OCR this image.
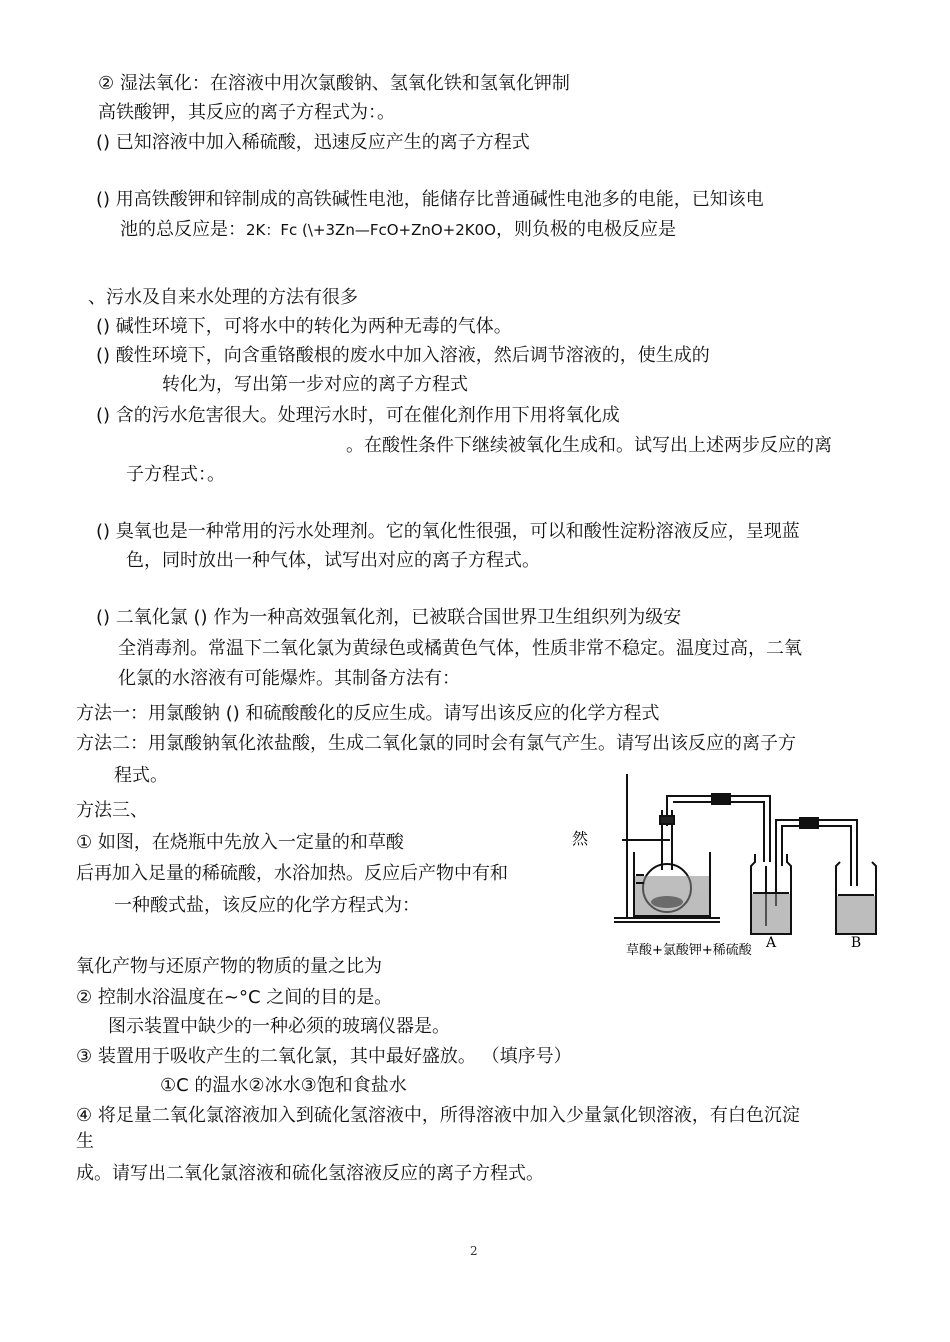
② 湿法氧化：在溶液中用次氯酸钠、氢氧化铁和氢氧化钾制
高铁酸钾，其反应的离子方程式为：。
() 已知溶液中加入稀硫酸，迅速反应产生的离子方程式
() 用高铁酸钾和锌制成的高铁碱性电池，能储存比普通碱性电池多的电能，已知该电
池的总反应是：2K：Fc (\+3Zn—FcO+ZnO+2K0O，则负极的电极反应是
、污水及自来水处理的方法有很多
() 碱性环境下，可将水中的转化为两种无毒的气体。
() 酸性环境下，向含重铬酸根的废水中加入溶液，然后调节溶液的，使生成的
转化为，写出第一步对应的离子方程式
() 含的污水危害很大。处理污水时，可在催化剂作用下用将氧化成
。在酸性条件下继续被氧化生成和。试写出上述两步反应的离
子方程式：。
() 臭氧也是一种常用的污水处理剂。它的氧化性很强，可以和酸性淀粉溶液反应，呈现蓝
色，同时放出一种气体，试写出对应的离子方程式。
() 二氧化氯 () 作为一种高效强氧化剂，已被联合国世界卫生组织列为级安
全消毒剂。常温下二氧化氯为黄绿色或橘黄色气体，性质非常不稳定。温度过高，二氧
化氯的水溶液有可能爆炸。其制备方法有：
方法一：用氯酸钠 () 和硫酸酸化的反应生成。请写出该反应的化学方程式
方法二：用氯酸钠氧化浓盐酸，生成二氧化氯的同时会有氯气产生。请写出该反应的离子方
程式。
方法三、
① 如图，在烧瓶中先放入一定量的和草酸
后再加入足量的稀硫酸，水浴加热。反应后产物中有和
一种酸式盐，该反应的化学方程式为：
氧化产物与还原产物的物质的量之比为
② 控制水浴温度在~°C 之间的目的是。
图示装置中缺少的一种必须的玻璃仪器是。
③ 装置用于吸收产生的二氧化氯，其中最好盛放。 （填序号）
①C 的温水②冰水③饱和食盐水
④ 将足量二氧化氯溶液加入到硫化氢溶液中，所得溶液中加入少量氯化钡溶液，有白色沉淀
生
成。请写出二氧化氯溶液和硫化氢溶液反应的离子方程式。
然
A	B
草酸+氯酸钾+稀硫酸
2
